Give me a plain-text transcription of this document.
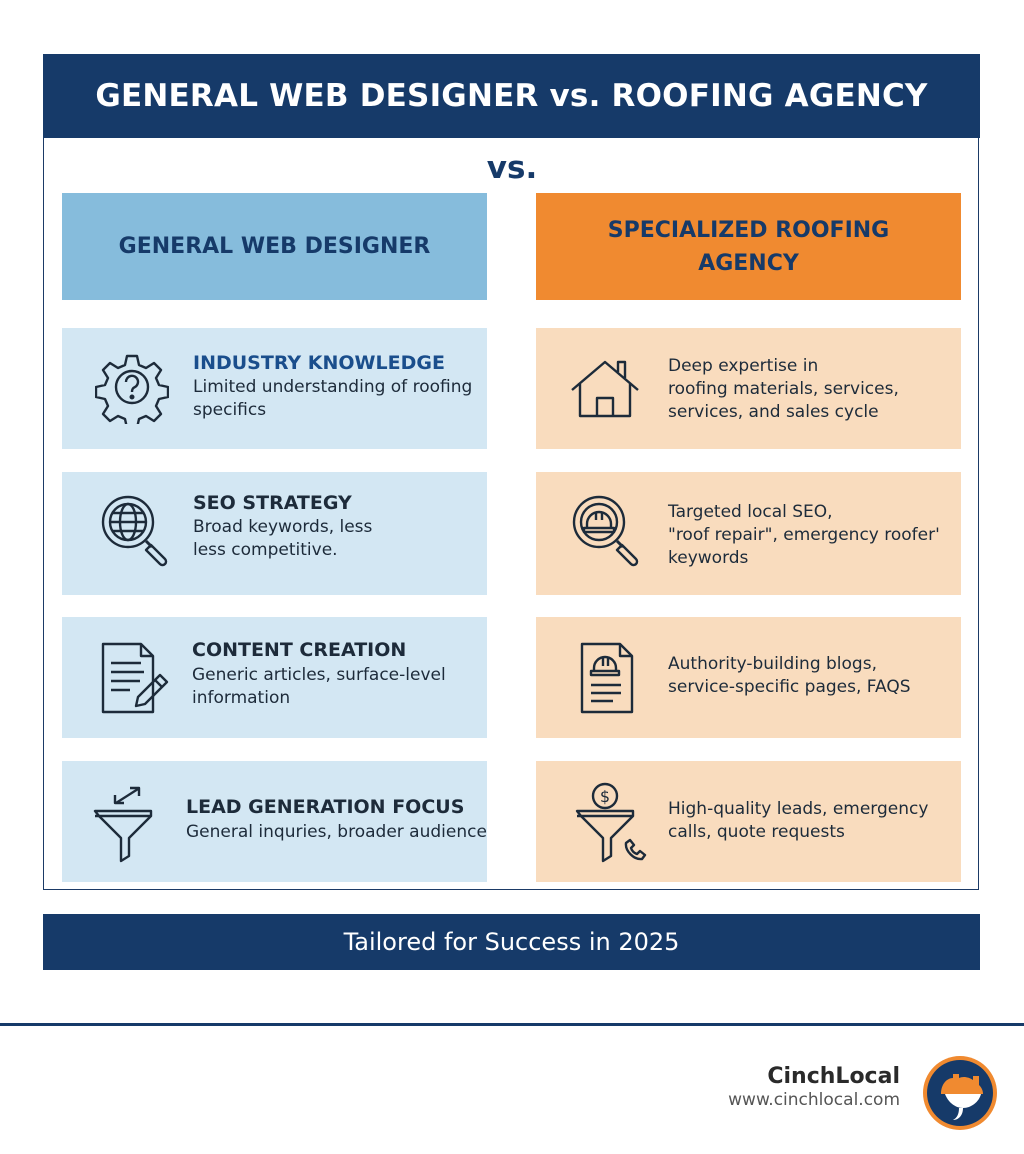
GENERAL WEB DESIGNER vs. ROOFING AGENCY
vs.
GENERAL WEB DESIGNER
SPECIALIZED ROOFING
AGENCY
INDUSTRY KNOWLEDGE
Limited understanding of roofing
specifics
SEO STRATEGY
Broad keywords, less
less competitive.
CONTENT CREATION
Generic articles, surface-level
information
LEAD GENERATION FOCUS
General inquries, broader audience
Deep expertise in
roofing materials, services,
services, and sales cycle
Targeted local SEO,
"roof repair", emergency roofer'
keywords
Authority-building blogs,
service-specific pages, FAQS
$
High-quality leads, emergency
calls, quote requests
Tailored for Success in 2025
CinchLocal
www.cinchlocal.com
